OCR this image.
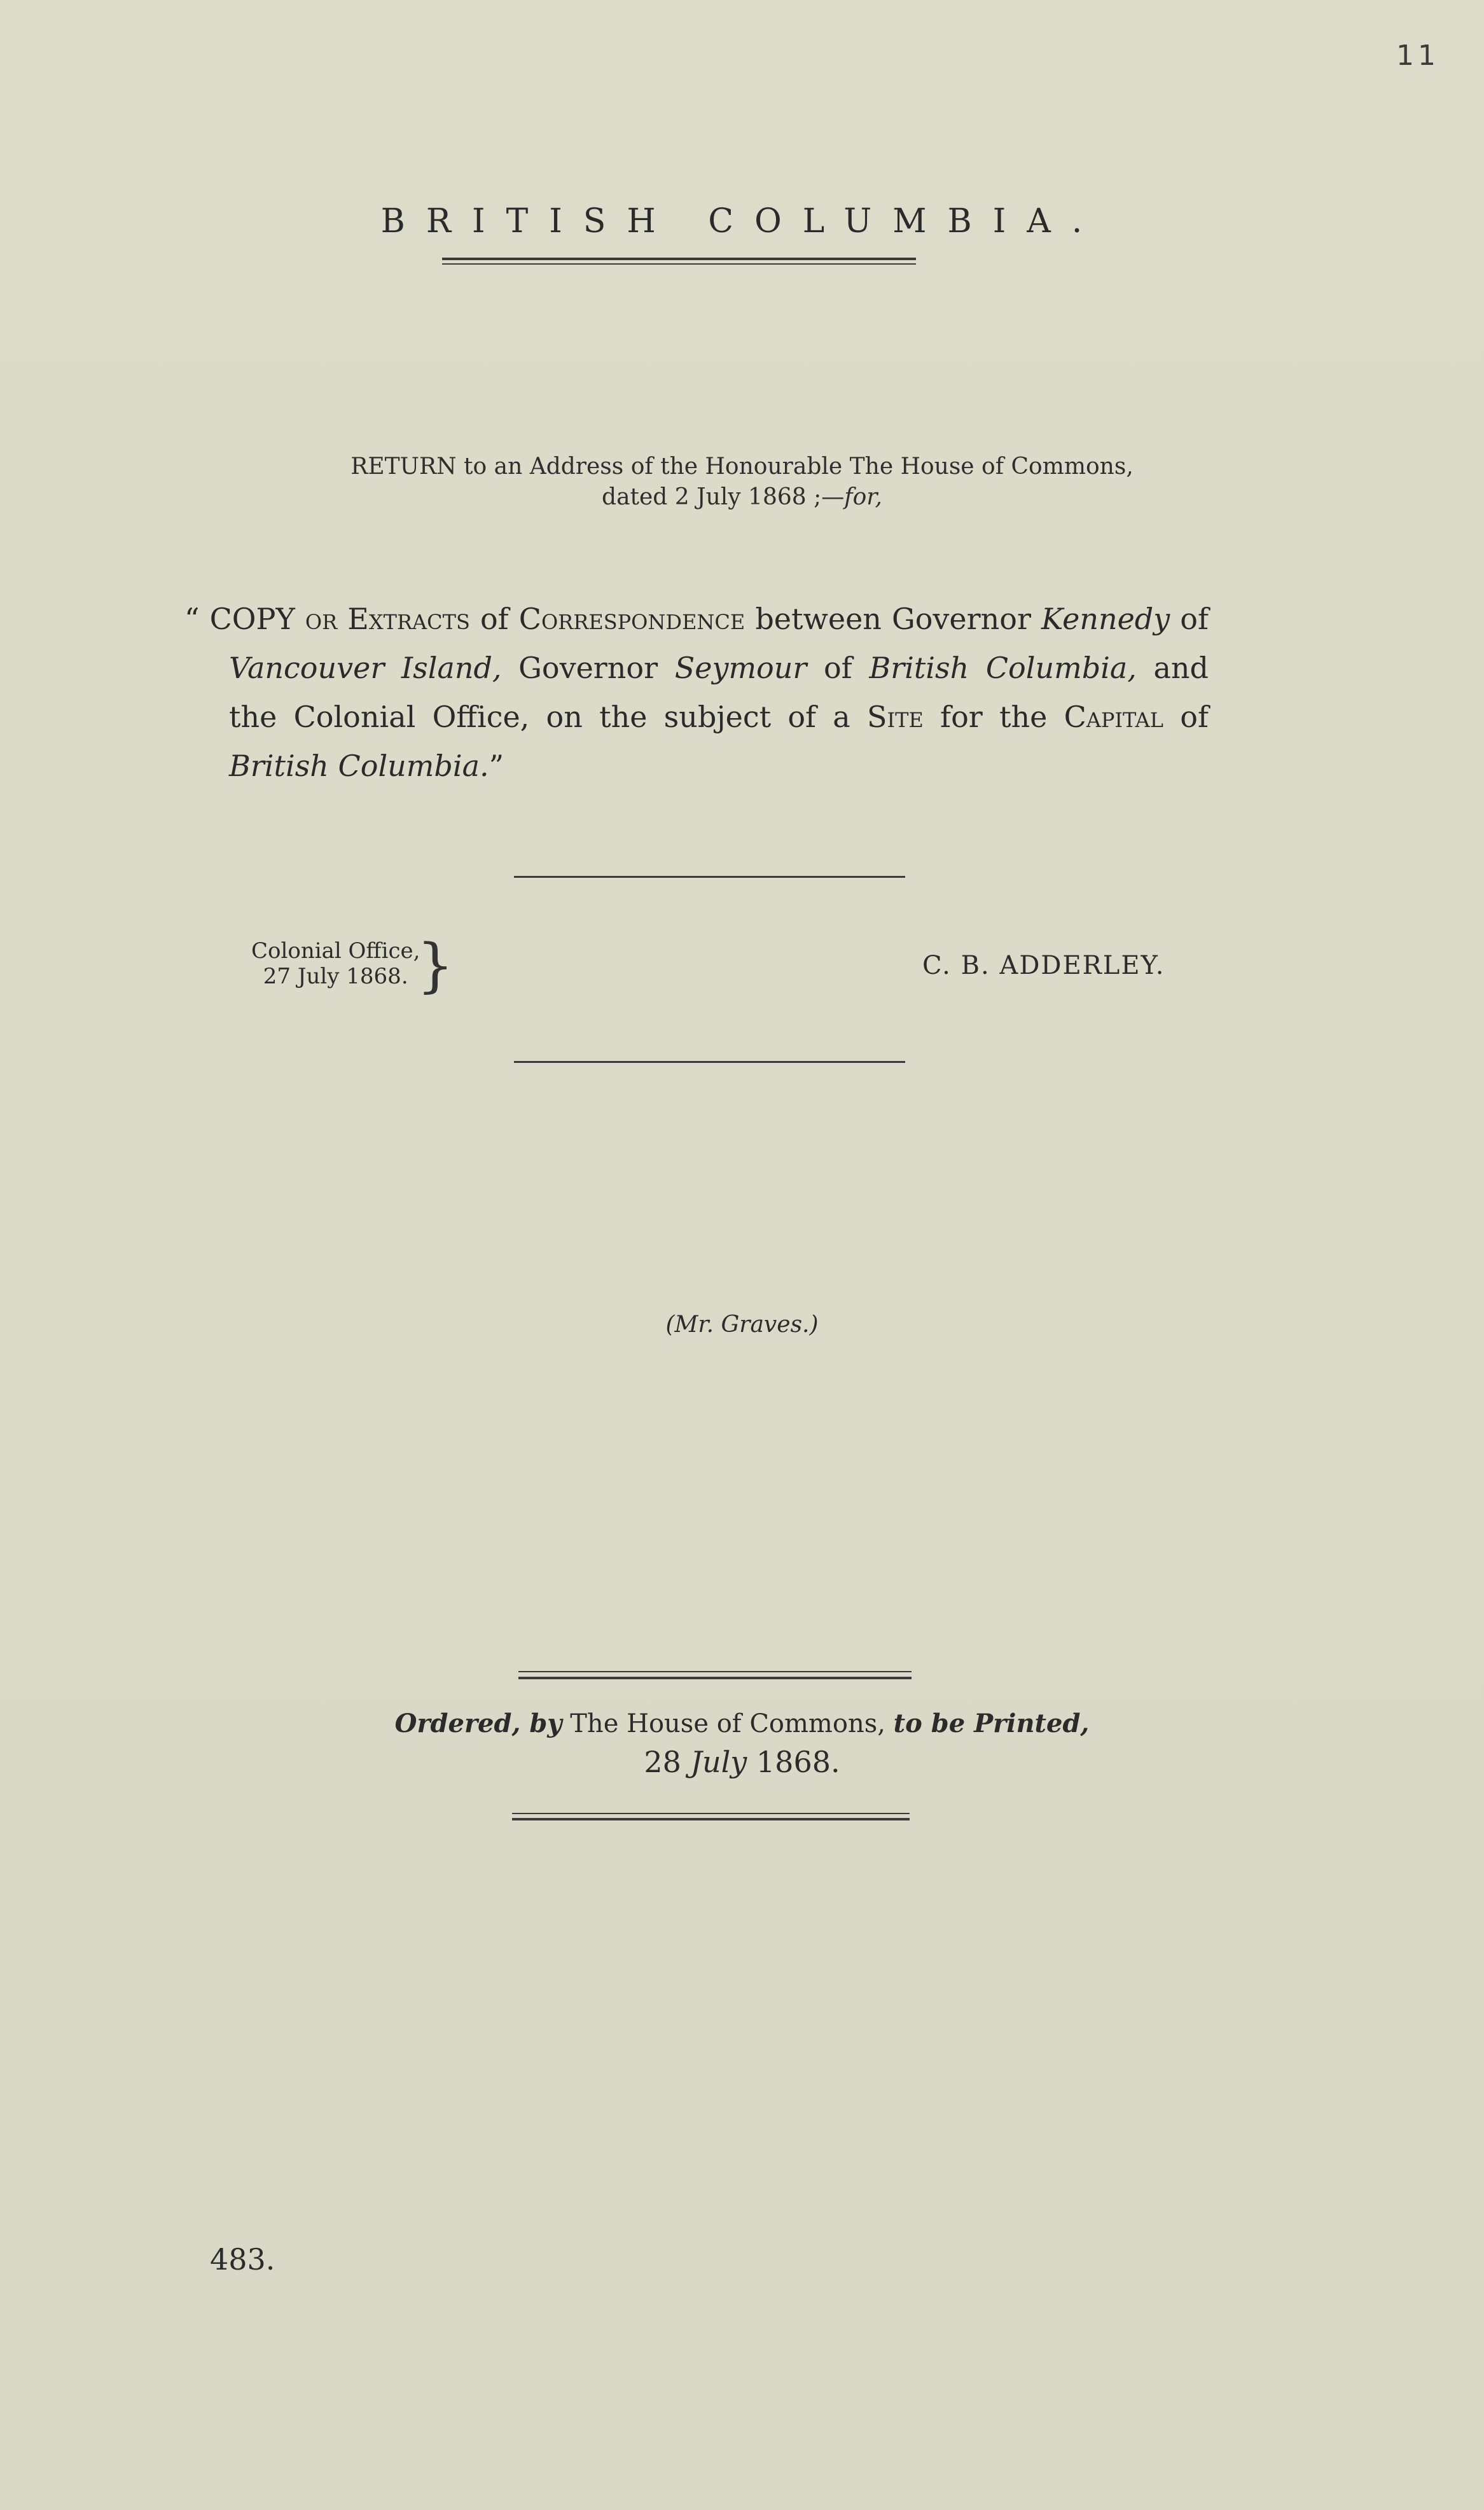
11
BRITISH COLUMBIA.
RETURN to an Address of the Honourable The House of Commons,
dated 2 July 1868 ;—for,

“ COPY or Extracts of Correspondence between Governor Kennedy of Vancouver Island, Governor Seymour of British Columbia, and the Colonial Office, on the subject of a Site for the Capital of British Columbia.”

Colonial Office,
27 July 1868. }	C. B. ADDERLEY.
(Mr. Graves.)
Ordered, by The House of Commons, to be Printed,
28 July 1868.
483.
